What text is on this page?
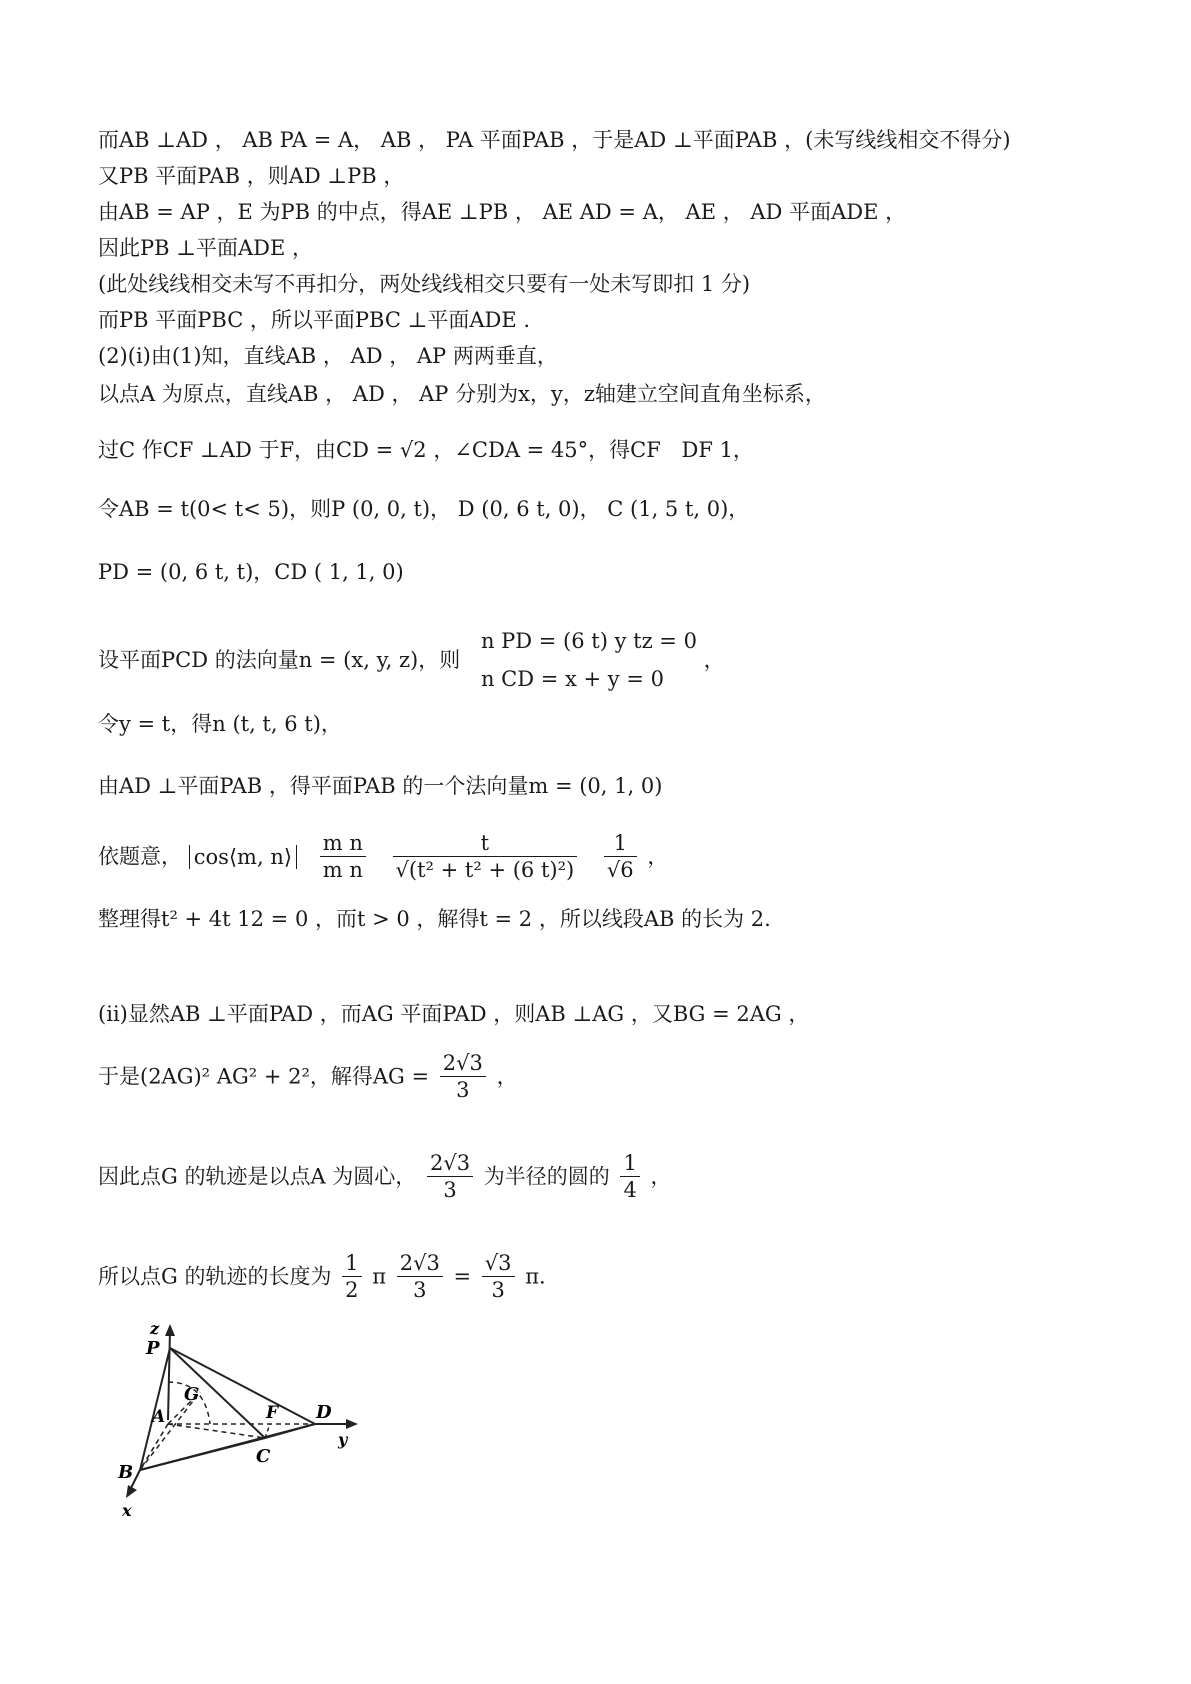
而AB ⊥AD ， AB PA = A， AB ， PA 平面PAB ，于是AD ⊥平面PAB ，(未写线线相交不得分)
又PB 平面PAB ，则AD ⊥PB ，
由AB = AP ，E 为PB 的中点，得AE ⊥PB ， AE AD = A， AE ， AD 平面ADE ，
因此PB ⊥平面ADE ，
(此处线线相交未写不再扣分，两处线线相交只要有一处未写即扣 1 分)
而PB 平面PBC ，所以平面PBC ⊥平面ADE .
(2)(ⅰ)由(1)知，直线AB ， AD ， AP 两两垂直，
以点A 为原点，直线AB ， AD ， AP 分别为x，y，z轴建立空间直角坐标系，
过C 作CF ⊥AD 于F，由CD = √2 ，∠CDA = 45°，得CF DF 1，
令AB = t(0< t< 5)，则P (0, 0, t)， D (0, 6 t, 0)， C (1, 5 t, 0)，
PD = (0, 6 t, t)，CD ( 1, 1, 0)
设平面PCD 的法向量n = (x, y, z)，则
n PD = (6 t) y tz = 0
n CD = x + y = 0
，
令y = t，得n (t, t, 6 t)，
由AD ⊥平面PAB ，得平面PAB 的一个法向量m = (0, 1, 0)
依题意， cos⟨m, n⟩ $\frac{\text{m n}}{\text{m n}}$
$\frac{t}{\text{√(t² + t² + (6 t)²)}}$
$\frac{1}{√6}$ ，
整理得t² + 4t 12 = 0 ，而t > 0 ，解得t = 2 ，所以线段AB 的长为 2.
(ⅱ)显然AB ⊥平面PAD ，而AG 平面PAD ，则AB ⊥AG ，又BG = 2AG ，
于是(2AG)² AG² + 2²，解得AG = $\frac{2√3}{3}$ ，
因此点G 的轨迹是以点A 为圆心， $\frac{2√3}{3}$ 为半径的圆的 $\frac{1}{4}$ ，
所以点G 的轨迹的长度为 $\frac{1}{2}$ π $\frac{2√3}{3} = \frac{√3}{3} \pi$.
z
P
G
A	F D
y
B
C
x
